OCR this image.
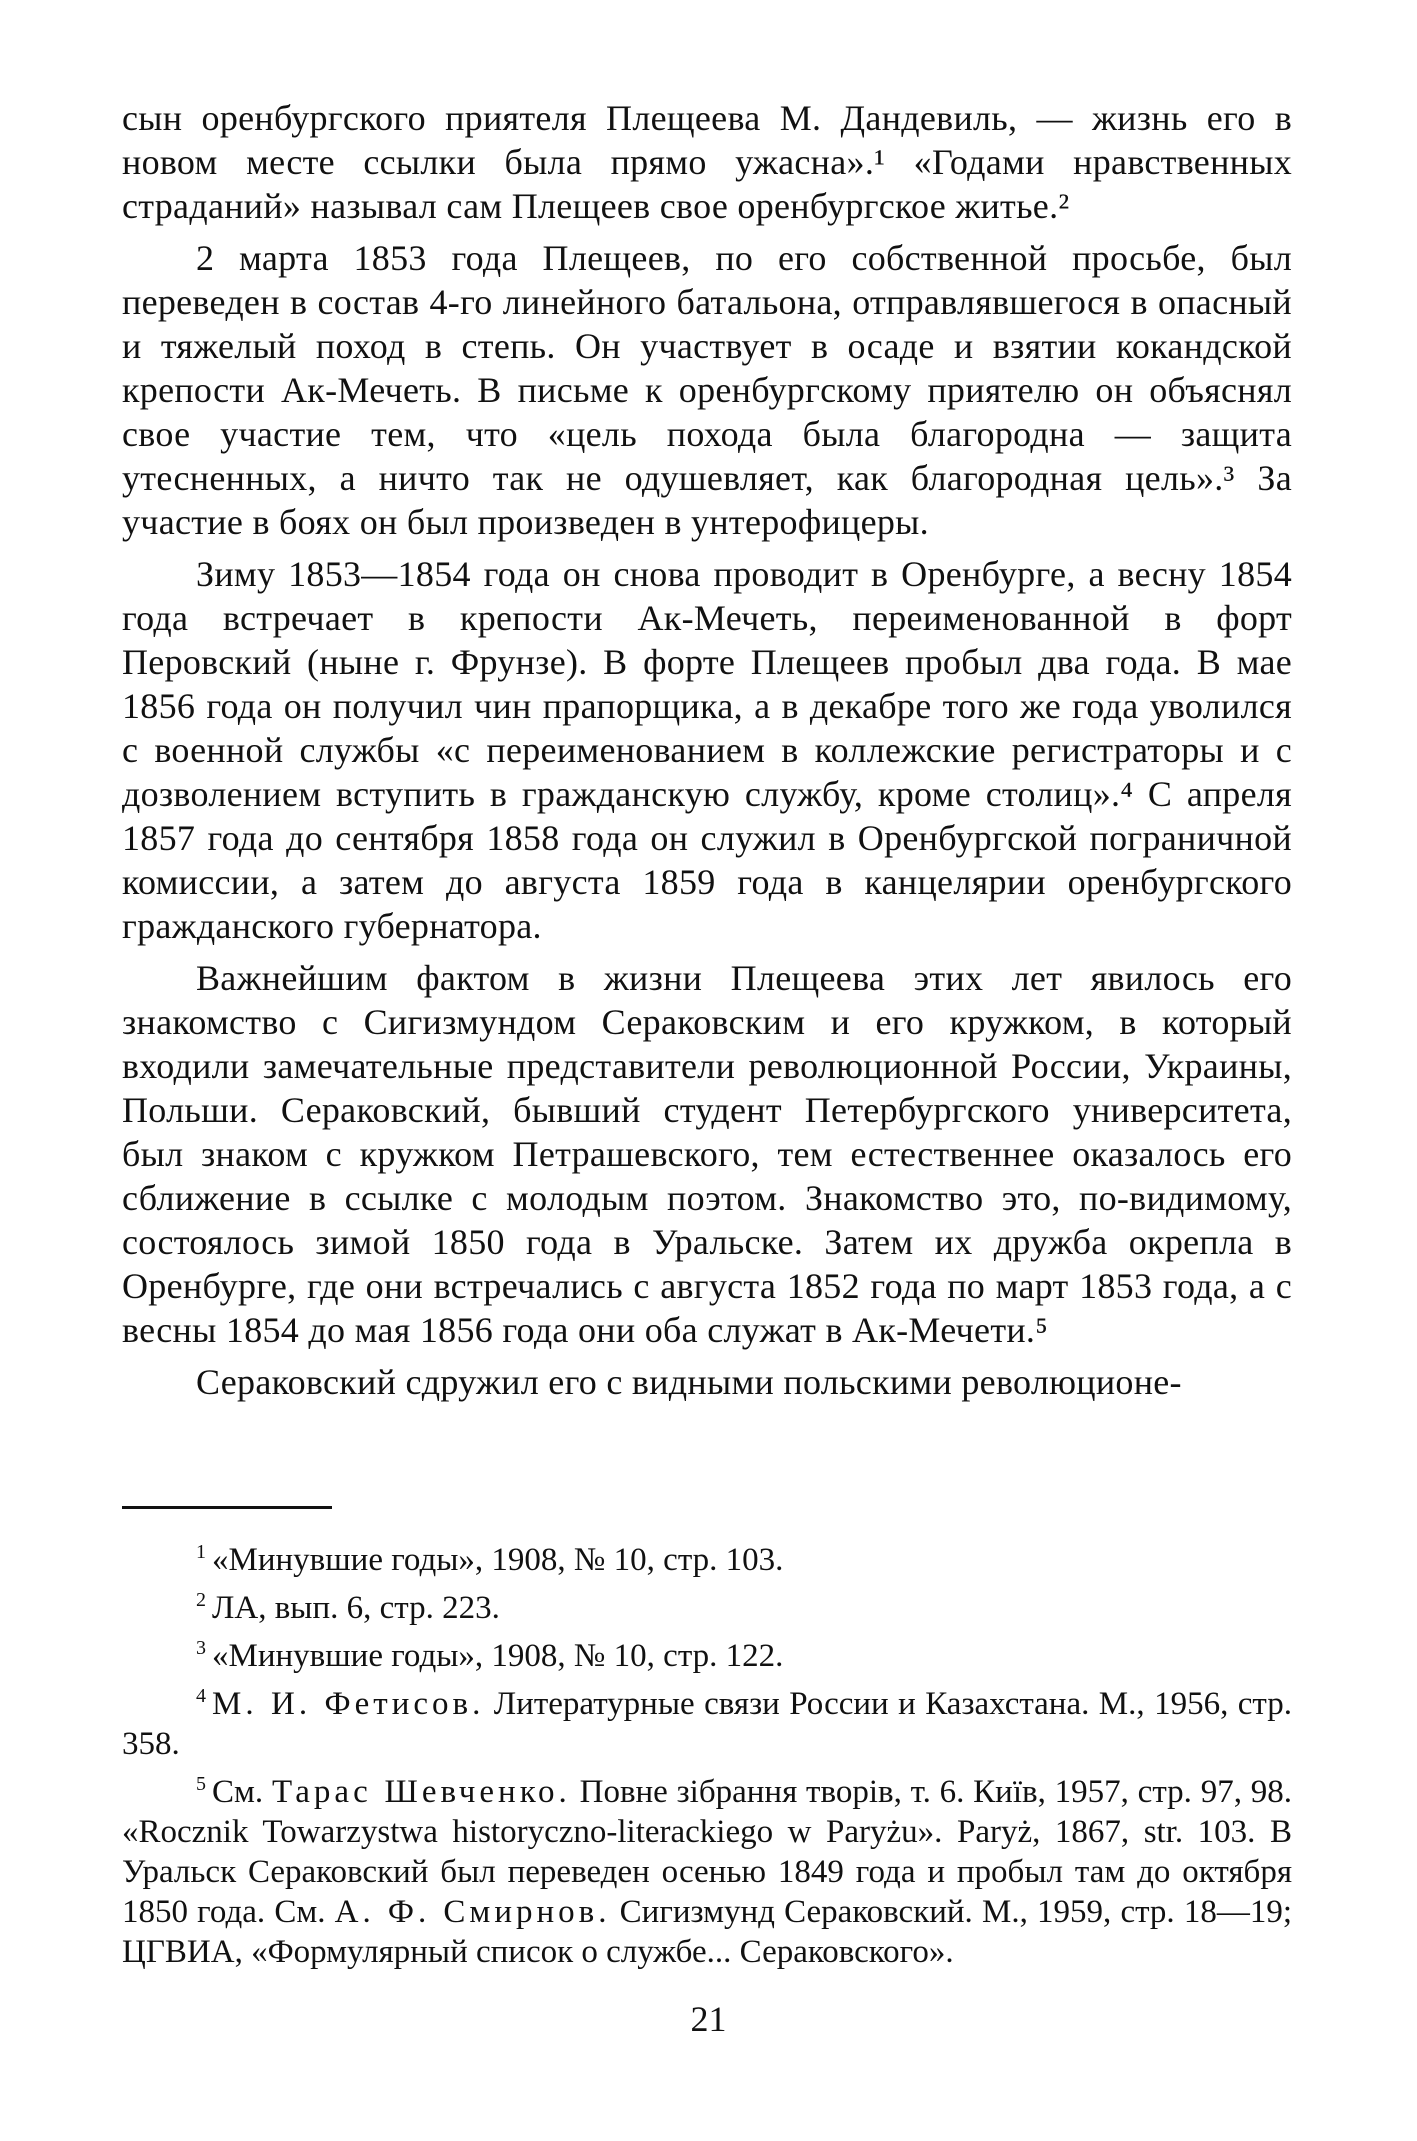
сын оренбургского приятеля Плещеева М. Дандевиль, — жизнь его в новом месте ссылки была прямо ужасна».¹ «Годами нравственных страданий» называл сам Плещеев свое оренбургское житье.²

2 марта 1853 года Плещеев, по его собственной просьбе, был переведен в состав 4-го линейного батальона, отправлявшегося в опасный и тяжелый поход в степь. Он участвует в осаде и взятии кокандской крепости Ак-Мечеть. В письме к оренбургскому приятелю он объяснял свое участие тем, что «цель похода была благородна — защита утесненных, а ничто так не одушевляет, как благородная цель».³ За участие в боях он был произведен в унтерофицеры.

Зиму 1853—1854 года он снова проводит в Оренбурге, а весну 1854 года встречает в крепости Ак-Мечеть, переименованной в форт Перовский (ныне г. Фрунзе). В форте Плещеев пробыл два года. В мае 1856 года он получил чин прапорщика, а в декабре того же года уволился с военной службы «с переименованием в коллежские регистраторы и с дозволением вступить в гражданскую службу, кроме столиц».⁴ С апреля 1857 года до сентября 1858 года он служил в Оренбургской пограничной комиссии, а затем до августа 1859 года в канцелярии оренбургского гражданского губернатора.

Важнейшим фактом в жизни Плещеева этих лет явилось его знакомство с Сигизмундом Сераковским и его кружком, в который входили замечательные представители революционной России, Украины, Польши. Сераковский, бывший студент Петербургского университета, был знаком с кружком Петрашевского, тем естественнее оказалось его сближение в ссылке с молодым поэтом. Знакомство это, по-видимому, состоялось зимой 1850 года в Уральске. Затем их дружба окрепла в Оренбурге, где они встречались с августа 1852 года по март 1853 года, а с весны 1854 до мая 1856 года они оба служат в Ак-Мечети.⁵

Сераковский сдружил его с видными польскими революционе-

$^1$ «Минувшие годы», 1908, № 10, стр. 103.

$^2$ ЛА, вып. 6, стр. 223.

$^3$ «Минувшие годы», 1908, № 10, стр. 122.

$^4$ М. И. Фетисов. Литературные связи России и Казахстана. М., 1956, стр. 358.

$^5$ См. Тарас Шевченко. Повне зібрання творів, т. 6. Київ, 1957, стр. 97, 98. «Rocznik Towarzystwa historyczno-literackiego w Paryżu». Paryż, 1867, str. 103. В Уральск Сераковский был переведен осенью 1849 года и пробыл там до октября 1850 года. См. А. Ф. Смирнов. Сигизмунд Сераковский. М., 1959, стр. 18—19; ЦГВИА, «Формулярный список о службе... Сераковского».

21
